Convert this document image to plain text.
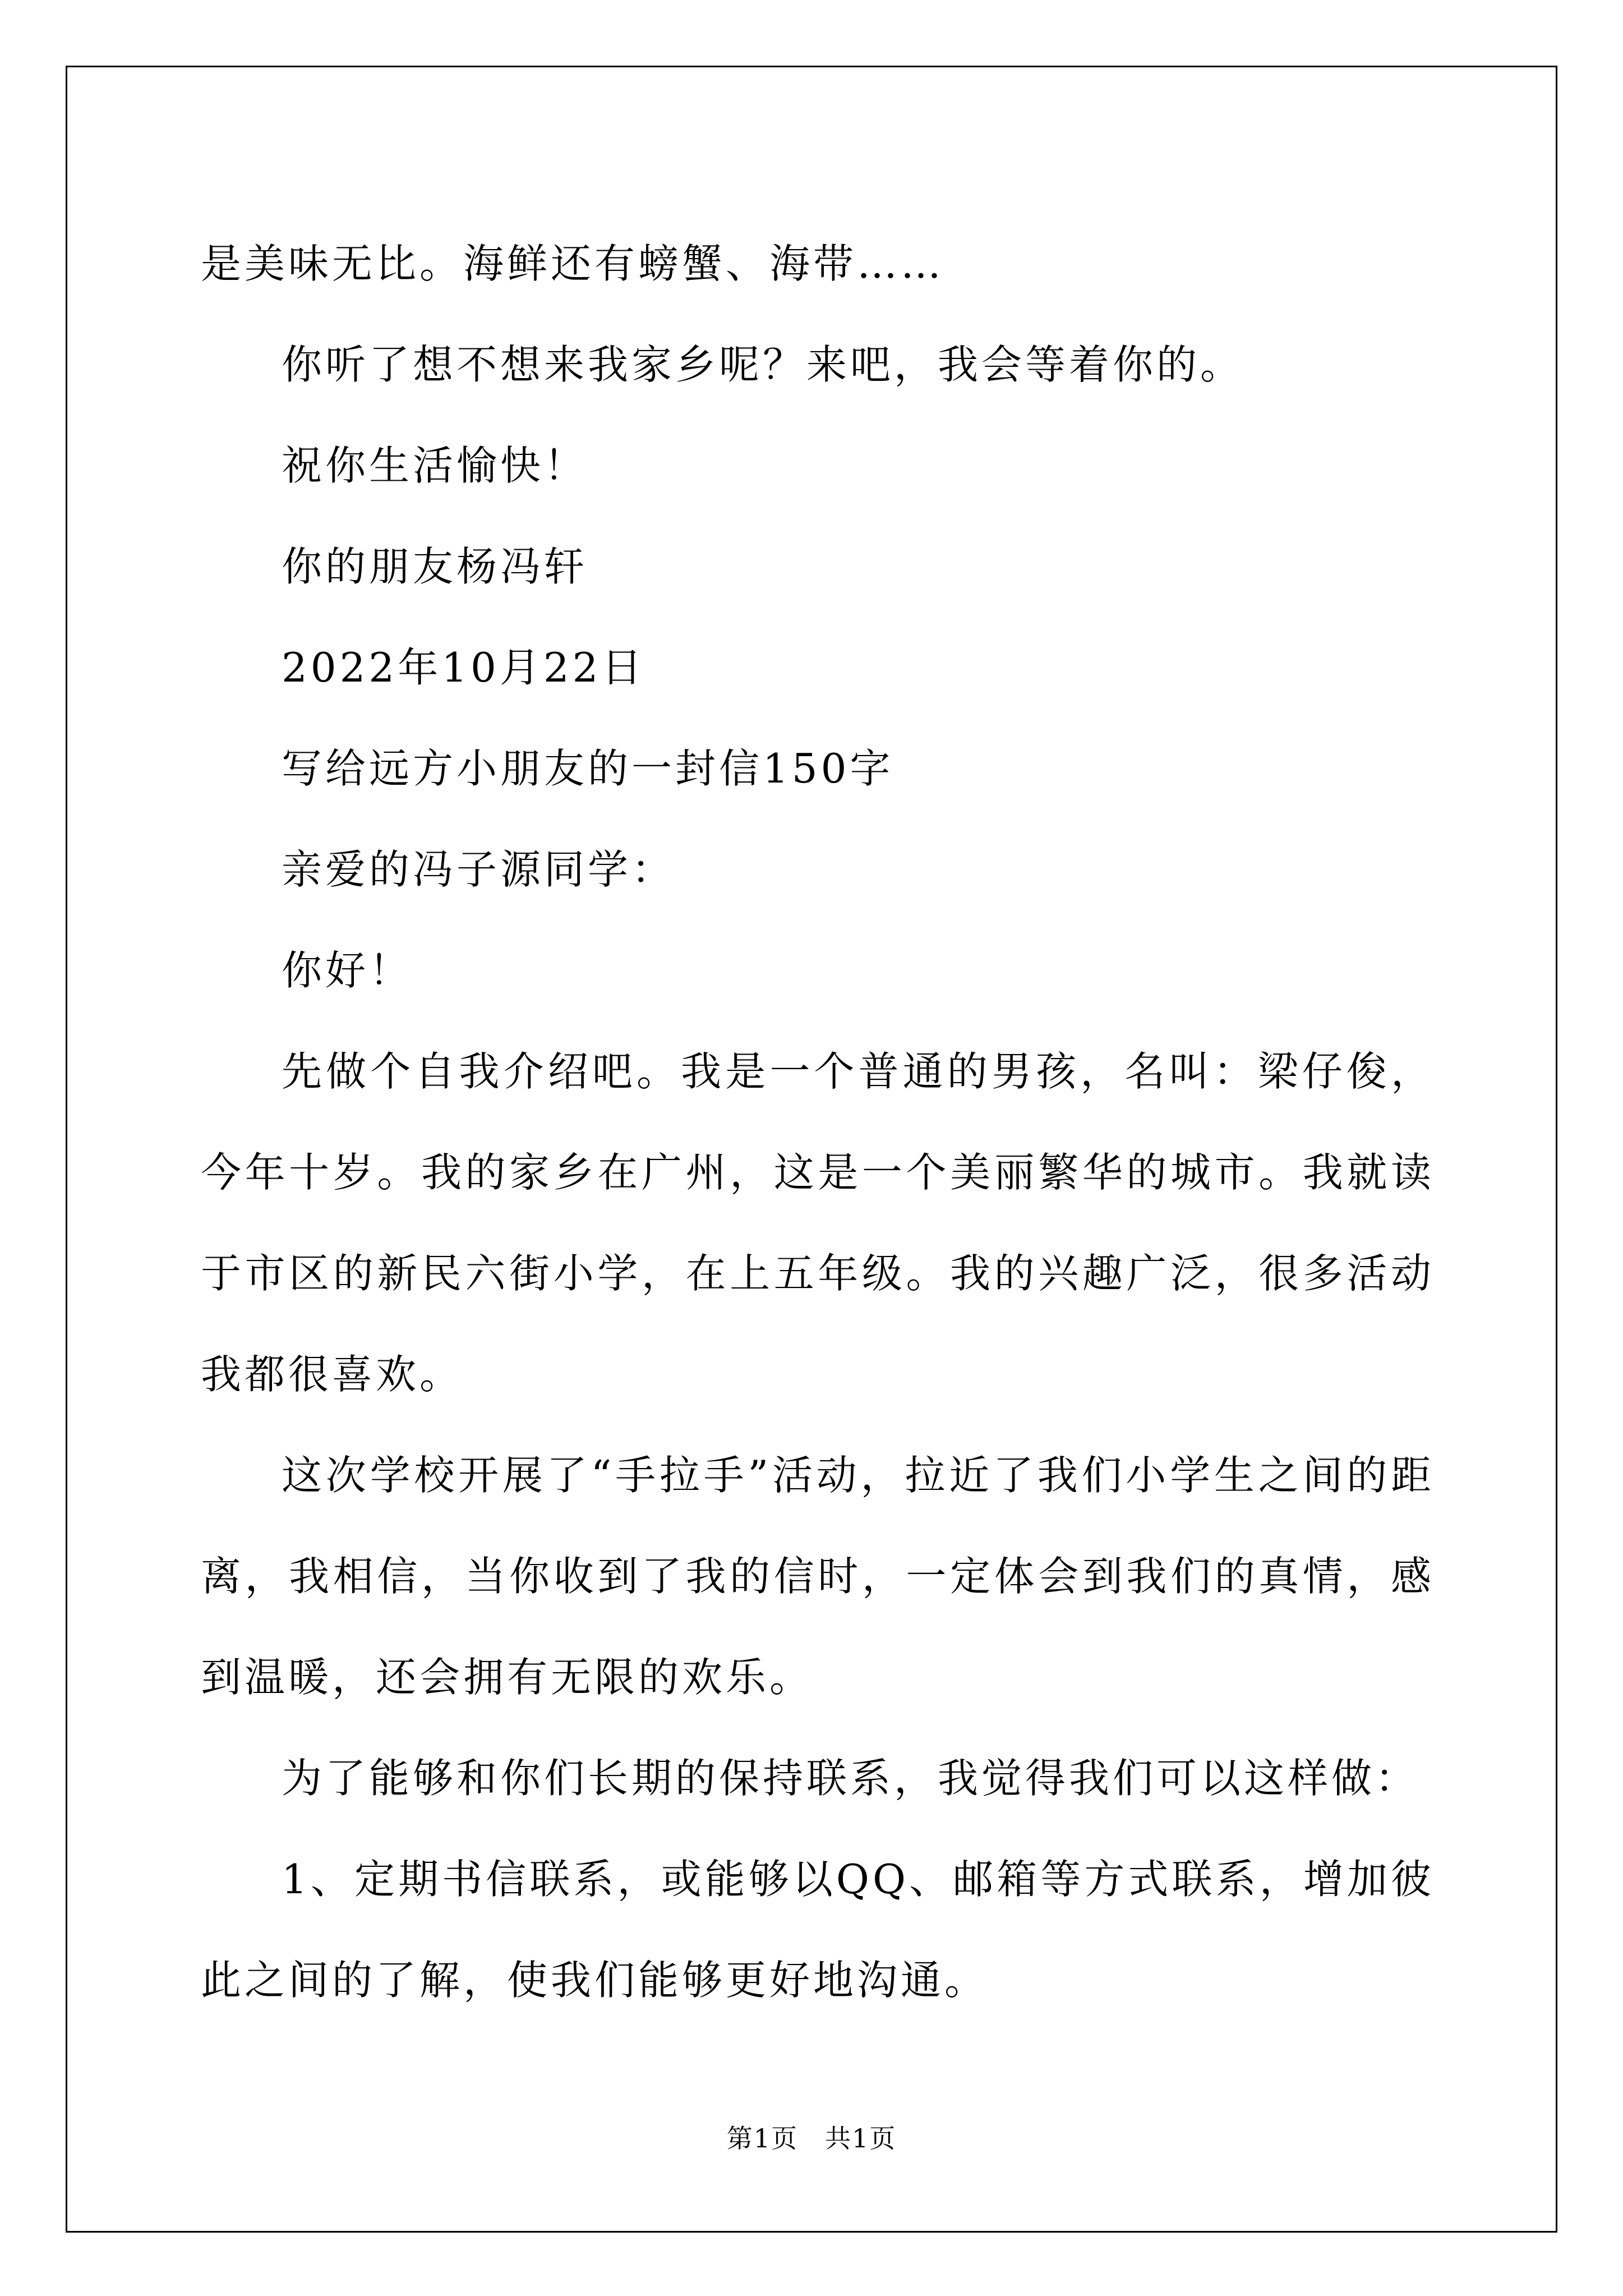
是美味无比。海鲜还有螃蟹、海带……

你听了想不想来我家乡呢？来吧，我会等着你的。

祝你生活愉快！

你的朋友杨冯轩

2022年10月22日

写给远方小朋友的一封信150字

亲爱的冯子源同学：

你好！

先做个自我介绍吧。我是一个普通的男孩，名叫：梁仔俊，今年十岁。我的家乡在广州，这是一个美丽繁华的城市。我就读于市区的新民六街小学，在上五年级。我的兴趣广泛，很多活动我都很喜欢。

这次学校开展了“手拉手”活动，拉近了我们小学生之间的距离，我相信，当你收到了我的信时，一定体会到我们的真情，感到温暖，还会拥有无限的欢乐。

为了能够和你们长期的保持联系，我觉得我们可以这样做：

1、定期书信联系，或能够以QQ、邮箱等方式联系，增加彼此之间的了解，使我们能够更好地沟通。

第1页 共1页
